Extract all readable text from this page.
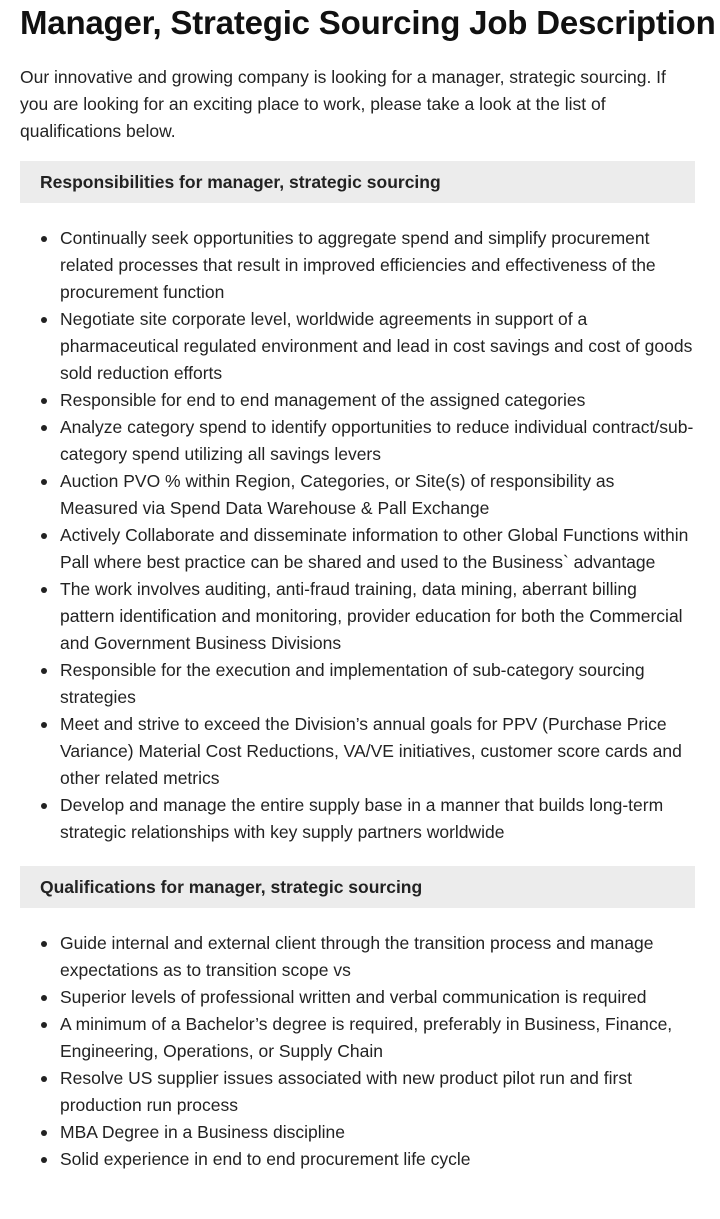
Manager, Strategic Sourcing Job Description

Our innovative and growing company is looking for a manager, strategic sourcing. If you are looking for an exciting place to work, please take a look at the list of qualifications below.

Responsibilities for manager, strategic sourcing
Continually seek opportunities to aggregate spend and simplify procurement related processes that result in improved efficiencies and effectiveness of the procurement function
Negotiate site corporate level, worldwide agreements in support of a pharmaceutical regulated environment and lead in cost savings and cost of goods sold reduction efforts
Responsible for end to end management of the assigned categories
Analyze category spend to identify opportunities to reduce individual contract/sub-category spend utilizing all savings levers
Auction PVO % within Region, Categories, or Site(s) of responsibility as Measured via Spend Data Warehouse & Pall Exchange
Actively Collaborate and disseminate information to other Global Functions within Pall where best practice can be shared and used to the Business` advantage
The work involves auditing, anti-fraud training, data mining, aberrant billing pattern identification and monitoring, provider education for both the Commercial and Government Business Divisions
Responsible for the execution and implementation of sub-category sourcing strategies
Meet and strive to exceed the Division’s annual goals for PPV (Purchase Price Variance) Material Cost Reductions, VA/VE initiatives, customer score cards and other related metrics
Develop and manage the entire supply base in a manner that builds long-term strategic relationships with key supply partners worldwide
Qualifications for manager, strategic sourcing
Guide internal and external client through the transition process and manage expectations as to transition scope vs
Superior levels of professional written and verbal communication is required
A minimum of a Bachelor’s degree is required, preferably in Business, Finance, Engineering, Operations, or Supply Chain
Resolve US supplier issues associated with new product pilot run and first production run process
MBA Degree in a Business discipline
Solid experience in end to end procurement life cycle
